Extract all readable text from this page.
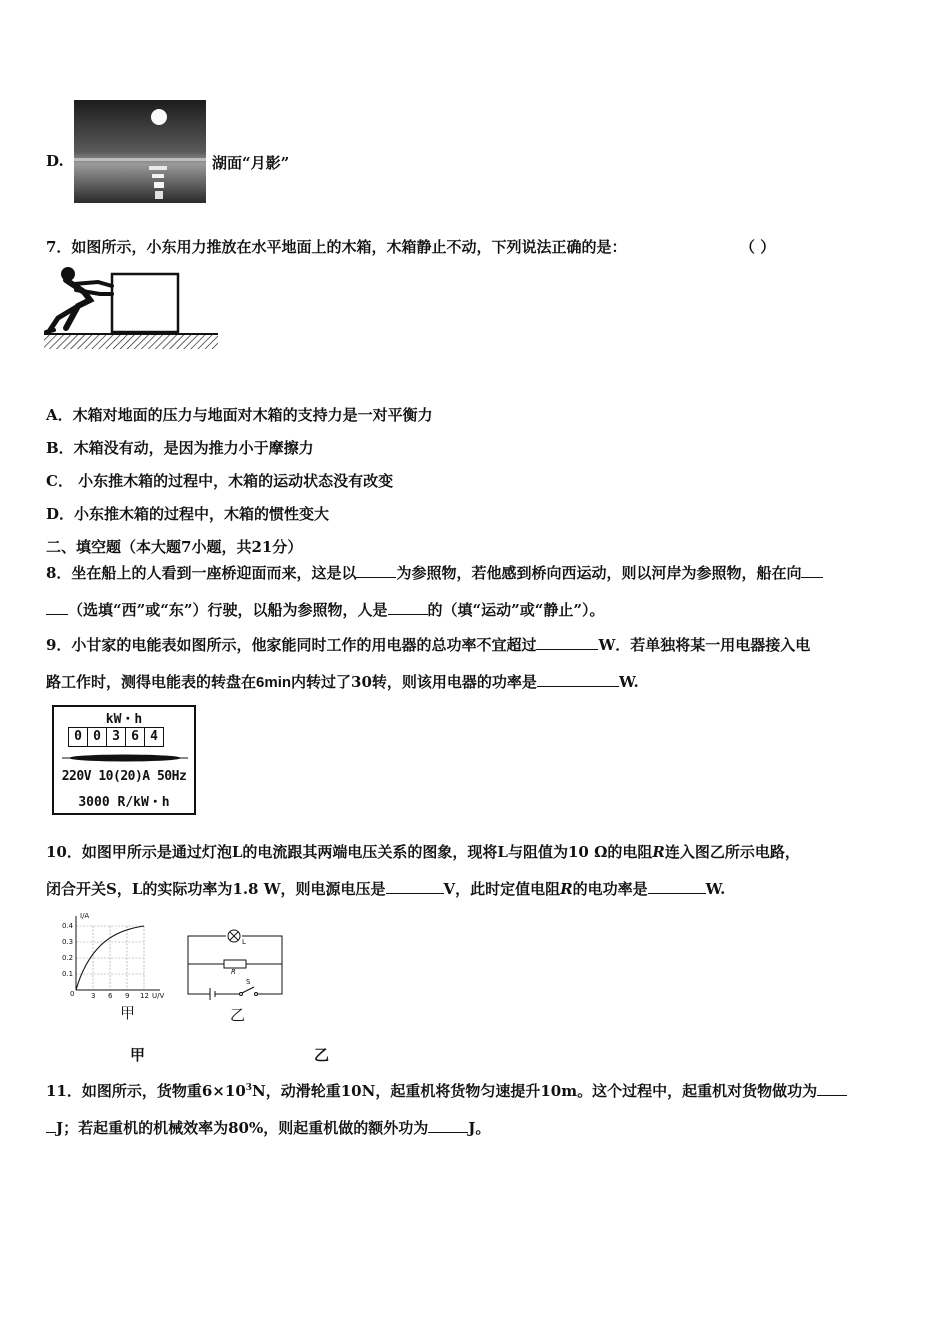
D.	湖面“月影”
7．如图所示，小东用力推放在水平地面上的木箱，木箱静止不动，下列说法正确的是：	（ ）
A．木箱对地面的压力与地面对木箱的支持力是一对平衡力
B．木箱没有动，是因为推力小于摩擦力
C． 小东推木箱的过程中，木箱的运动状态没有改变
D．小东推木箱的过程中，木箱的惯性变大
二、填空题（本大题7小题，共21分）
8．坐在船上的人看到一座桥迎面而来，这是以	为参照物，若他感到桥向西运动，则以河岸为参照物，船在向
（选填“西”或“东”）行驶，以船为参照物，人是	的（填“运动”或“静止”）。
9．小甘家的电能表如图所示，他家能同时工作的用电器的总功率不宜超过	W．若单独将某一用电器接入电
路工作时，测得电能表的转盘在6min内转过了30转，则该用电器的功率是	W.
kW・h
0 0 3 6 4
220V 10(20)A 50Hz
3000 R/kW・h
10．如图甲所示是通过灯泡L的电流跟其两端电压关系的图象，现将L与阻值为10 Ω的电阻R连入图乙所示电路，
闭合开关S，L的实际功率为1.8 W，则电源电压是	V，此时定值电阻R的电功率是	W.
I/A
U/V
0.4
0.3
0.2
0.1
0 3 6 9 12
甲
L
R
S
乙
甲	乙
11．如图所示，货物重$6\times 10^3N$，动滑轮重10N，起重机将货物匀速提升10m。这个过程中，起重机对货物做功为
J；若起重机的机械效率为80%，则起重机做的额外功为	J。
